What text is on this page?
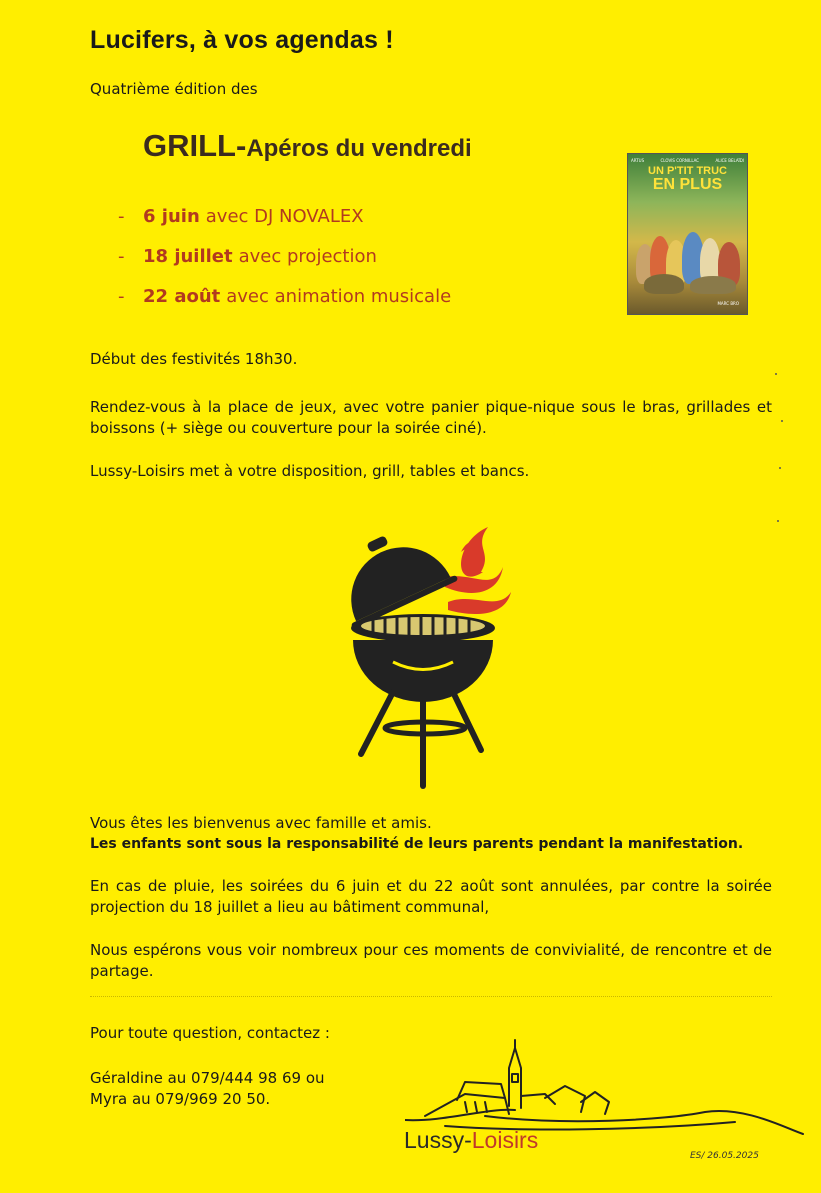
Lucifers, à vos agendas !
Quatrième édition des
GRILL-Apéros du vendredi
-	6 juin avec DJ NOVALEX
-	18 juillet avec projection
-	22 août avec animation musicale
ARTUS	CLOVIS CORNILLAC	ALICE BELAÏDI
UN P'TIT TRUC
EN PLUS
MARC BRO
Début des festivités 18h30.
Rendez-vous à la place de jeux, avec votre panier pique-nique sous le bras, grillades et boissons (+ siège ou couverture pour la soirée ciné).
Lussy-Loisirs met à votre disposition, grill, tables et bancs.
Vous êtes les bienvenus avec famille et amis.
Les enfants sont sous la responsabilité de leurs parents pendant la manifestation.
En cas de pluie, les soirées du 6 juin et du 22 août sont annulées, par contre la soirée projection du 18 juillet a lieu au bâtiment communal,
Nous espérons vous voir nombreux pour ces moments de convivialité, de rencontre et de partage.
Pour toute question, contactez :
Géraldine au 079/444 98 69 ou
Myra au 079/969 20 50.
Lussy-Loisirs
ES/ 26.05.2025
